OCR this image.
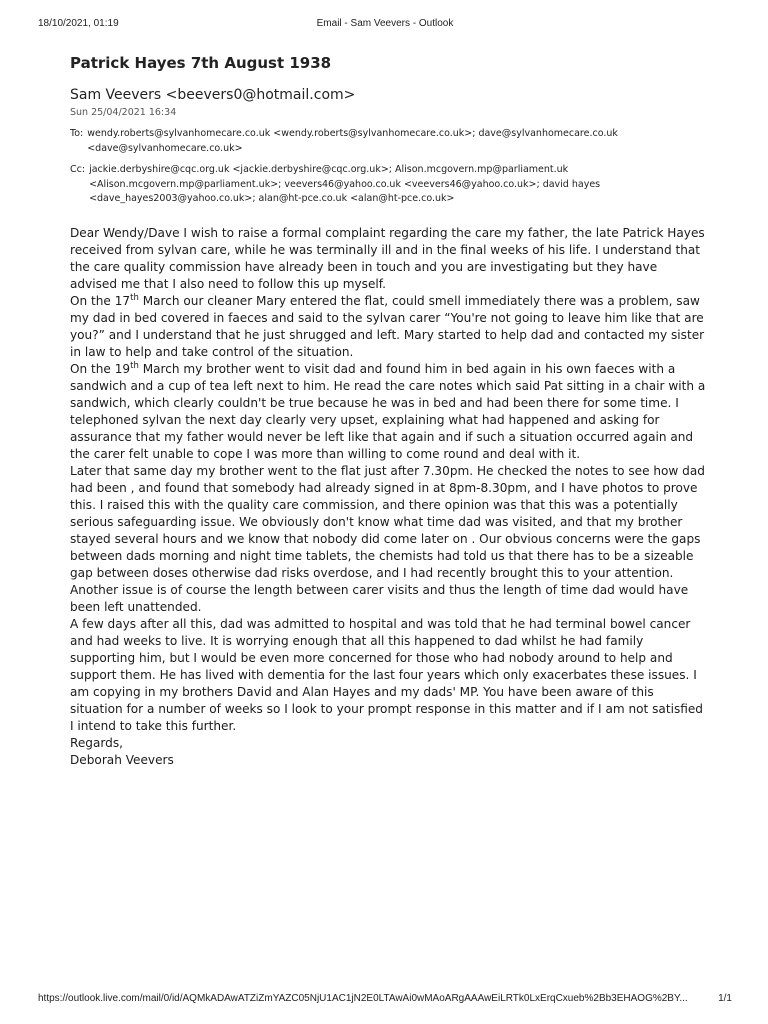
18/10/2021, 01:19	Email - Sam Veevers - Outlook
Patrick Hayes 7th August 1938
Sam Veevers <beevers0@hotmail.com>
Sun 25/04/2021 16:34
To: wendy.roberts@sylvanhomecare.co.uk <wendy.roberts@sylvanhomecare.co.uk>; dave@sylvanhomecare.co.uk
<dave@sylvanhomecare.co.uk>
Cc: jackie.derbyshire@cqc.org.uk <jackie.derbyshire@cqc.org.uk>; Alison.mcgovern.mp@parliament.uk
<Alison.mcgovern.mp@parliament.uk>; veevers46@yahoo.co.uk <veevers46@yahoo.co.uk>; david hayes
<dave_hayes2003@yahoo.co.uk>; alan@ht-pce.co.uk <alan@ht-pce.co.uk>

Dear Wendy/Dave I wish to raise a formal complaint regarding the care my father, the late Patrick Hayes received from sylvan care, while he was terminally ill and in the final weeks of his life. I understand that the care quality commission have already been in touch and you are investigating but they have advised me that I also need to follow this up myself.

On the 17th March our cleaner Mary entered the flat, could smell immediately there was a problem, saw my dad in bed covered in faeces and said to the sylvan carer “You're not going to leave him like that are you?” and I understand that he just shrugged and left. Mary started to help dad and contacted my sister in law to help and take control of the situation.

On the 19th March my brother went to visit dad and found him in bed again in his own faeces with a sandwich and a cup of tea left next to him. He read the care notes which said Pat sitting in a chair with a sandwich, which clearly couldn't be true because he was in bed and had been there for some time. I telephoned sylvan the next day clearly very upset, explaining what had happened and asking for assurance that my father would never be left like that again and if such a situation occurred again and the carer felt unable to cope I was more than willing to come round and deal with it.

Later that same day my brother went to the flat just after 7.30pm. He checked the notes to see how dad had been , and found that somebody had already signed in at 8pm-8.30pm, and I have photos to prove this. I raised this with the quality care commission, and there opinion was that this was a potentially serious safeguarding issue. We obviously don't know what time dad was visited, and that my brother stayed several hours and we know that nobody did come later on . Our obvious concerns were the gaps between dads morning and night time tablets, the chemists had told us that there has to be a sizeable gap between doses otherwise dad risks overdose, and I had recently brought this to your attention. Another issue is of course the length between carer visits and thus the length of time dad would have been left unattended.

A few days after all this, dad was admitted to hospital and was told that he had terminal bowel cancer and had weeks to live. It is worrying enough that all this happened to dad whilst he had family supporting him, but I would be even more concerned for those who had nobody around to help and support them. He has lived with dementia for the last four years which only exacerbates these issues. I am copying in my brothers David and Alan Hayes and my dads' MP. You have been aware of this situation for a number of weeks so I look to your prompt response in this matter and if I am not satisfied I intend to take this further.

Regards,

Deborah Veevers

https://outlook.live.com/mail/0/id/AQMkADAwATZiZmYAZC05NjU1AC1jN2E0LTAwAi0wMAoARgAAAwEiLRTk0LxErqCxueb%2Bb3EHAOG%2BY...	1/1
